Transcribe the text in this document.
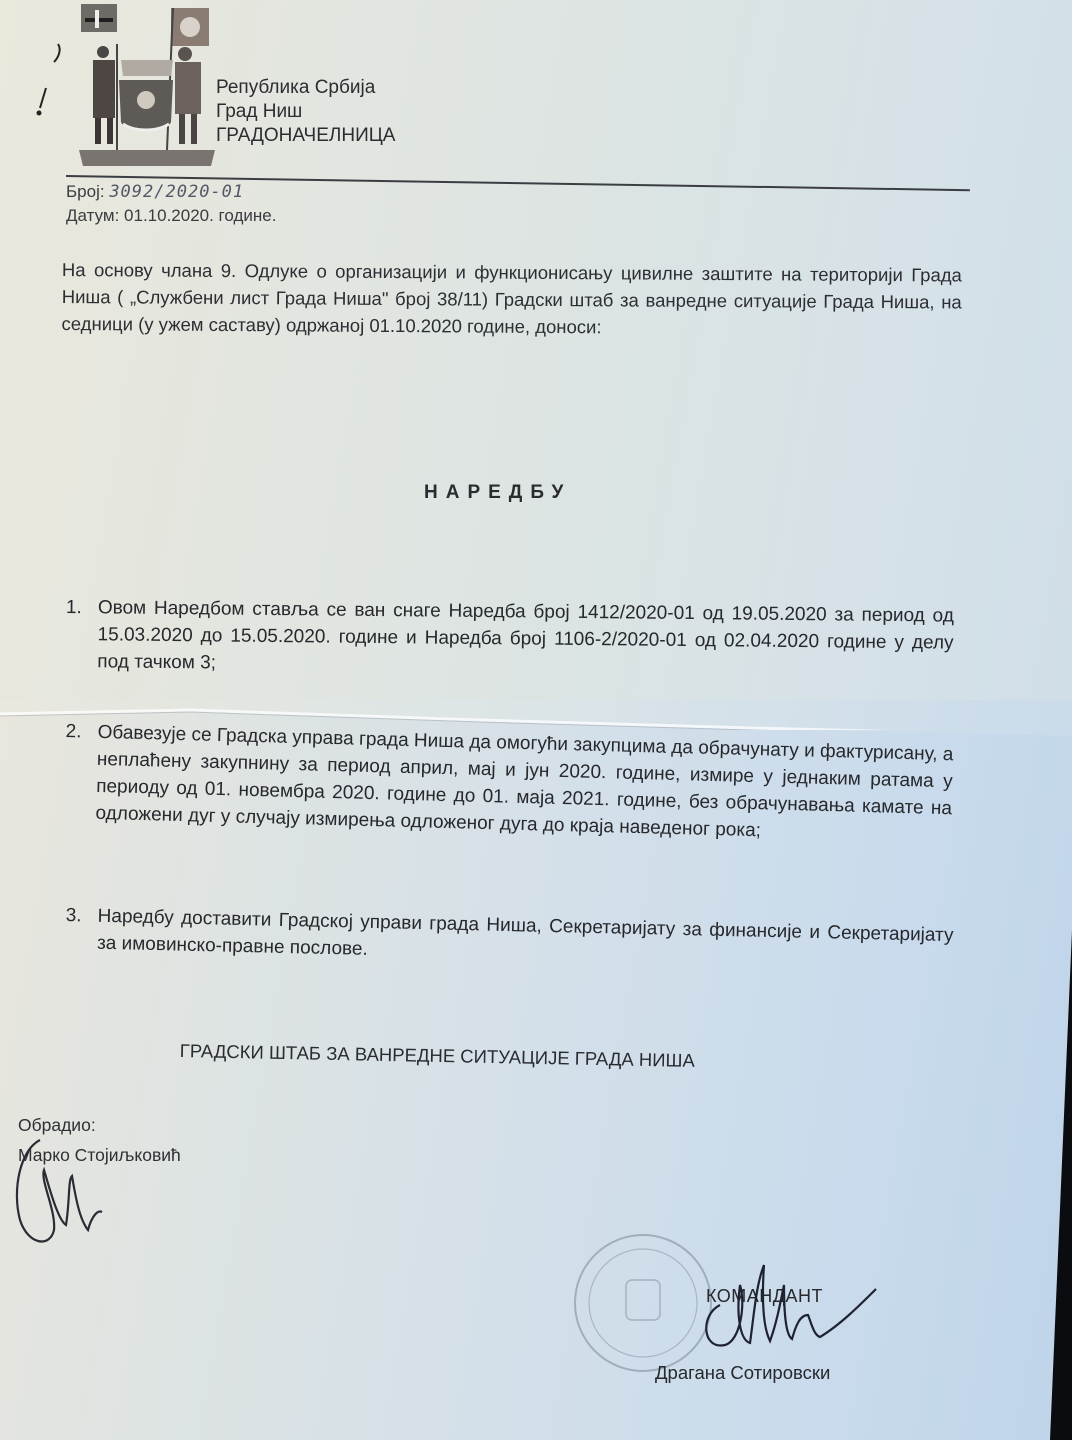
Република Србија
Град Ниш
ГРАДОНАЧЕЛНИЦА
Број: 3092/2020-01
Датум: 01.10.2020. године.
На основу члана 9. Одлуке о организацији и функционисању цивилне заштите на територији Града Ниша ( „Службени лист Града Ниша" број 38/11) Градски штаб за ванредне ситуације Града Ниша, на седници (у ужем саставу) одржаној 01.10.2020 године, доноси:
НАРЕДБУ
1. Овом Наредбом ставља се ван снаге Наредба број 1412/2020-01 од 19.05.2020 за период од 15.03.2020 до 15.05.2020. године и Наредба број 1106-2/2020-01 од 02.04.2020 године у делу под тачком 3;
2. Обавезује се Градска управа града Ниша да омогући закупцима да обрачунату и фактурисану, а неплаћену закупнину за период април, мај и јун 2020. године, измире у једнаким ратама у периоду од 01. новембра 2020. године до 01. маја 2021. године, без обрачунавања камате на одложени дуг у случају измирења одложеног дуга до краја наведеног рока;
3. Наредбу доставити Градској управи града Ниша, Секретаријату за финансије и Секретаријату за имовинско-правне послове.
ГРАДСКИ ШТАБ ЗА ВАНРЕДНЕ СИТУАЦИЈЕ ГРАДА НИША
Обрадио:
Марко Стојиљковић
КОМАНДАНТ
Драгана Сотировски
